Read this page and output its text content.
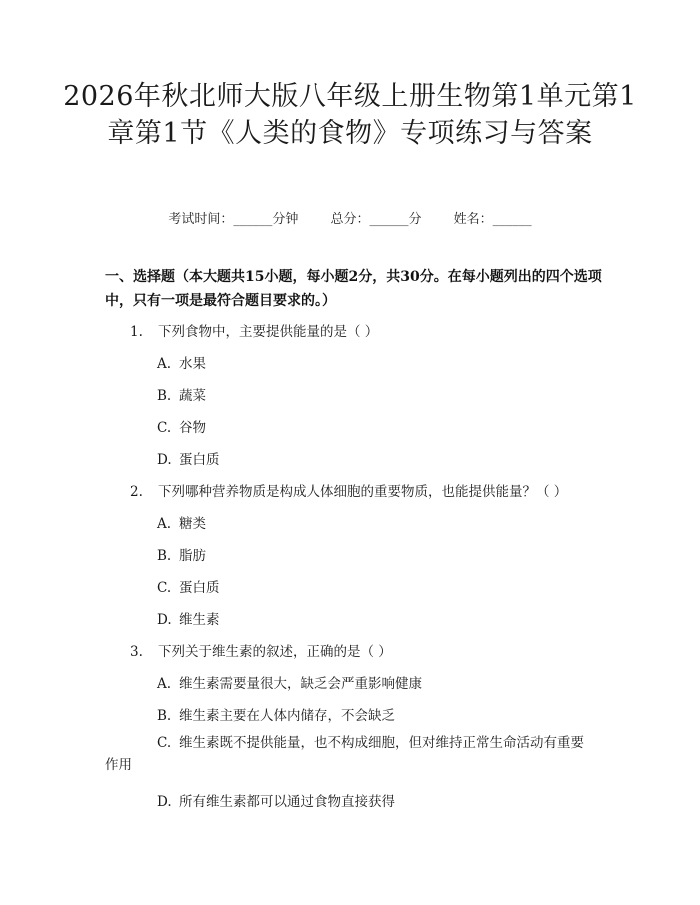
2026年秋北师大版八年级上册生物第1单元第1章第1节《人类的食物》专项练习与答案
考试时间：______分钟 总分：______分 姓名：______
一、选择题（本大题共15小题，每小题2分，共30分。在每小题列出的四个选项中，只有一项是最符合题目要求的。）
1. 下列食物中，主要提供能量的是（ ）
A. 水果
B. 蔬菜
C. 谷物
D. 蛋白质
2. 下列哪种营养物质是构成人体细胞的重要物质，也能提供能量？（ ）
A. 糖类
B. 脂肪
C. 蛋白质
D. 维生素
3. 下列关于维生素的叙述，正确的是（ ）
A. 维生素需要量很大，缺乏会严重影响健康
B. 维生素主要在人体内储存，不会缺乏
C. 维生素既不提供能量，也不构成细胞，但对维持正常生命活动有重要作用
D. 所有维生素都可以通过食物直接获得
